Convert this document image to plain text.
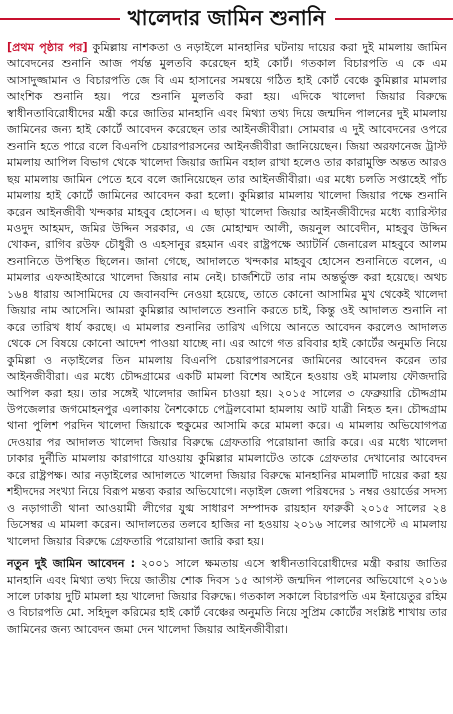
খালেদার জামিন শুনানি

[প্রথম পৃষ্ঠার পর] কুমিল্লায় নাশকতা ও নড়াইলে মানহানির ঘটনায় দায়ের করা দুই মামলায় জামিন আবেদনের শুনানি আজ পর্যন্ত মুলতবি করেছেন হাই কোর্ট। গতকাল বিচারপতি এ কে এম আসাদুজ্জামান ও বিচারপতি জে বি এম হাসানের সমন্বয়ে গঠিত হাই কোর্ট বেঞ্চে কুমিল্লার মামলার আংশিক শুনানি হয়। পরে শুনানি মুলতবি করা হয়। এদিকে খালেদা জিয়ার বিরুদ্ধে স্বাধীনতাবিরোধীদের মন্ত্রী করে জাতির মানহানি এবং মিথ্যা তথ্য দিয়ে জন্মদিন পালনের দুই মামলায় জামিনের জন্য হাই কোর্টে আবেদন করেছেন তার আইনজীবীরা। সোমবার এ দুই আবেদনের ওপরে শুনানি হতে পারে বলে বিএনপি চেয়ারপারসনের আইনজীবীরা জানিয়েছেন। জিয়া অরফানেজ ট্রাস্ট মামলায় আপিল বিভাগ থেকে খালেদা জিয়ার জামিন বহাল রাখা হলেও তার কারামুক্তি অন্তত আরও ছয় মামলায় জামিন পেতে হবে বলে জানিয়েছেন তার আইনজীবীরা। এর মধ্যে চলতি সপ্তাহেই পাঁচ মামলায় হাই কোর্টে জামিনের আবেদন করা হলো। কুমিল্লার মামলায় খালেদা জিয়ার পক্ষে শুনানি করেন আইনজীবী খন্দকার মাহবুব হোসেন। এ ছাড়া খালেদা জিয়ার আইনজীবীদের মধ্যে ব্যারিস্টার মওদুদ আহমদ, জমির উদ্দিন সরকার, এ জে মোহাম্মদ আলী, জয়নুল আবেদীন, মাহবুব উদ্দিন খোকন, রাগিব রউফ চৌধুরী ও এহসানুর রহমান এবং রাষ্ট্রপক্ষে অ্যাটর্নি জেনারেল মাহবুবে আলম শুনানিতে উপস্থিত ছিলেন। জানা গেছে, আদালতে খন্দকার মাহবুব হোসেন শুনানিতে বলেন, এ মামলার এফআইআরে খালেদা জিয়ার নাম নেই। চার্জশিটে তার নাম অন্তর্ভুক্ত করা হয়েছে। অথচ ১৬৪ ধারায় আসামিদের যে জবানবন্দি নেওয়া হয়েছে, তাতে কোনো আসামির মুখ থেকেই খালেদা জিয়ার নাম আসেনি। আমরা কুমিল্লার আদালতে শুনানি করতে চাই, কিন্তু ওই আদালত শুনানি না করে তারিখ ধার্য করছে। এ মামলার শুনানির তারিখ এগিয়ে আনতে আবেদন করলেও আদালত থেকে সে বিষয়ে কোনো আদেশ পাওয়া যাচ্ছে না। এর আগে গত রবিবার হাই কোর্টের অনুমতি নিয়ে কুমিল্লা ও নড়াইলের তিন মামলায় বিএনপি চেয়ারপারসনের জামিনের আবেদন করেন তার আইনজীবীরা। এর মধ্যে চৌদ্দগ্রামের একটি মামলা বিশেষ আইনে হওয়ায় ওই মামলায় ফৌজদারি আপিল করা হয়। তার সঙ্গেই খালেদার জামিন চাওয়া হয়। ২০১৫ সালের ৩ ফেব্রুয়ারি চৌদ্দগ্রাম উপজেলার জগমোহনপুর এলাকায় নৈশকোচে পেট্রলবোমা হামলায় আট যাত্রী নিহত হন। চৌদ্দগ্রাম থানা পুলিশ পরদিন খালেদা জিয়াকে হুকুমের আসামি করে মামলা করে। এ মামলায় অভিযোগপত্র দেওয়ার পর আদালত খালেদা জিয়ার বিরুদ্ধে গ্রেফতারি পরোয়ানা জারি করে। এর মধ্যে খালেদা ঢাকার দুর্নীতি মামলায় কারাগারে যাওয়ায় কুমিল্লার মামলাটেও তাকে গ্রেফতার দেখানোর আবেদন করে রাষ্ট্রপক্ষ। আর নড়াইলের আদালতে খালেদা জিয়ার বিরুদ্ধে মানহানির মামলাটি দায়ের করা হয় শহীদদের সংখ্যা নিয়ে বিরূপ মন্তব্য করার অভিযোগে। নড়াইল জেলা পরিষদের ১ নম্বর ওয়ার্ডের সদস্য ও নড়াগাতী থানা আওয়ামী লীগের যুগ্ম সাধারণ সম্পাদক রায়হান ফারুকী ২০১৫ সালের ২৪ ডিসেম্বর এ মামলা করেন। আদালতের তলবে হাজির না হওয়ায় ২০১৬ সালের আগস্টে এ মামলায় খালেদা জিয়ার বিরুদ্ধে গ্রেফতারি পরোয়ানা জারি করা হয়।

নতুন দুই জামিন আবেদন : ২০০১ সালে ক্ষমতায় এসে স্বাধীনতাবিরোধীদের মন্ত্রী করায় জাতির মানহানি এবং মিথ্যা তথ্য দিয়ে জাতীয় শোক দিবস ১৫ আগস্ট জন্মদিন পালনের অভিযোগে ২০১৬ সালে ঢাকায় দুটি মামলা হয় খালেদা জিয়ার বিরুদ্ধে। গতকাল সকালে বিচারপতি এম ইনায়েতুর রহিম ও বিচারপতি মো. সহিদুল করিমের হাই কোর্ট বেঞ্চের অনুমতি নিয়ে সুপ্রিম কোর্টের সংশ্লিষ্ট শাখায় তার জামিনের জন্য আবেদন জমা দেন খালেদা জিয়ার আইনজীবীরা।
